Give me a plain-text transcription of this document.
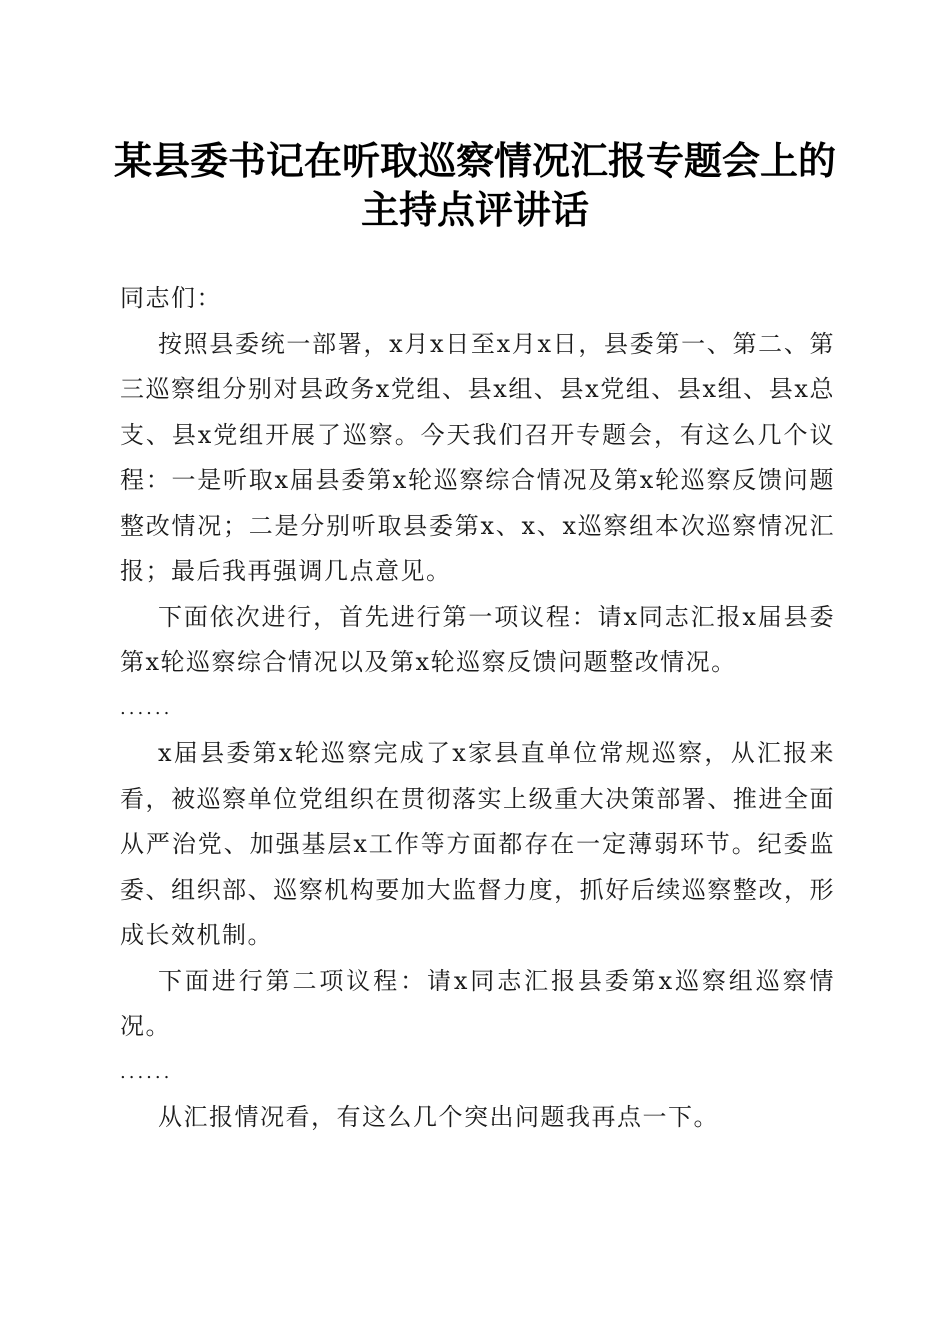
某县委书记在听取巡察情况汇报专题会上的主持点评讲话

同志们：

按照县委统一部署，x月x日至x月x日，县委第一、第二、第三巡察组分别对县政务x党组、县x组、县x党组、县x组、县x总支、县x党组开展了巡察。今天我们召开专题会，有这么几个议程：一是听取x届县委第x轮巡察综合情况及第x轮巡察反馈问题整改情况；二是分别听取县委第x、x、x巡察组本次巡察情况汇报；最后我再强调几点意见。

下面依次进行，首先进行第一项议程：请x同志汇报x届县委第x轮巡察综合情况以及第x轮巡察反馈问题整改情况。

......

x届县委第x轮巡察完成了x家县直单位常规巡察，从汇报来看，被巡察单位党组织在贯彻落实上级重大决策部署、推进全面从严治党、加强基层x工作等方面都存在一定薄弱环节。纪委监委、组织部、巡察机构要加大监督力度，抓好后续巡察整改，形成长效机制。

下面进行第二项议程：请x同志汇报县委第x巡察组巡察情况。

......

从汇报情况看，有这么几个突出问题我再点一下。
